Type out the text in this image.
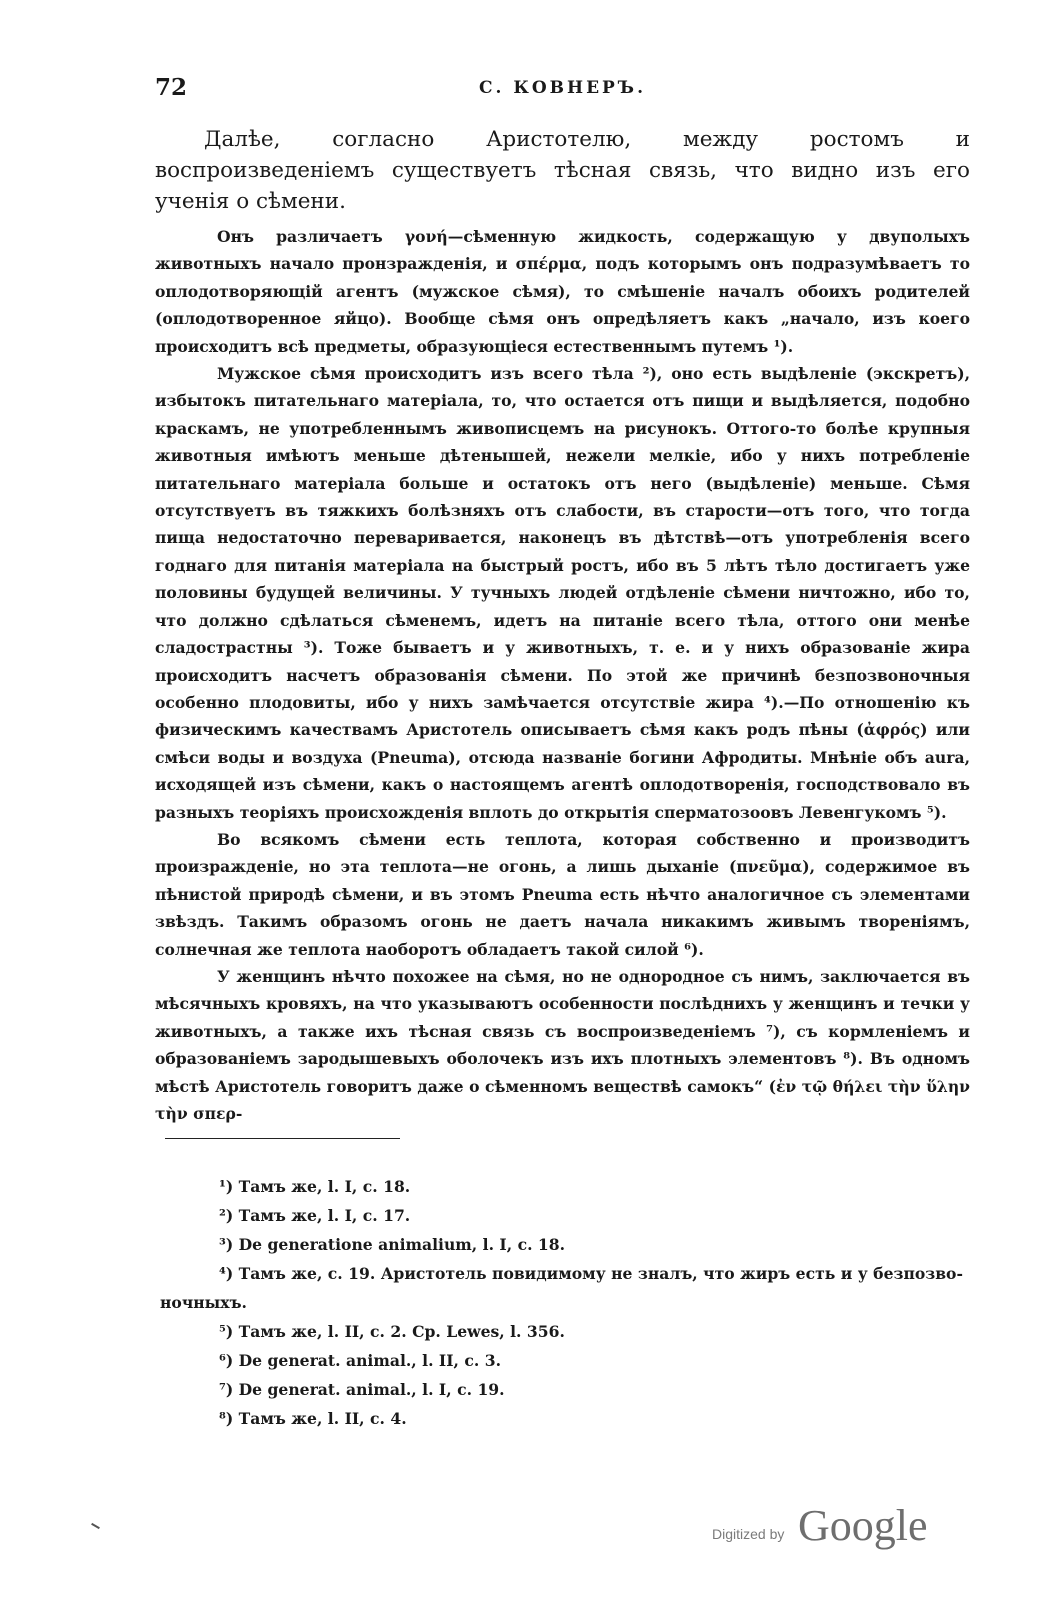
72	С. КОВНЕРЪ.

Далѣе, согласно Аристотелю, между ростомъ и воспроизведеніемъ существуетъ тѣсная связь, что видно изъ его ученія о сѣмени.

Онъ различаетъ γονή—сѣменную жидкость, содержащую у двуполыхъ животныхъ начало пронзражденія, и σπέρμα, подъ которымъ онъ подразумѣваетъ то оплодотворяющій агентъ (мужское сѣмя), то смѣшеніе началъ обоихъ родителей (оплодотворенное яйцо). Вообще сѣмя онъ опредѣляетъ какъ „начало, изъ коего происходитъ всѣ предметы, образующіеся естественнымъ путемъ ¹).

Мужское сѣмя происходитъ изъ всего тѣла ²), оно есть выдѣленіе (экскретъ), избытокъ питательнаго матеріала, то, что остается отъ пищи и выдѣляется, подобно краскамъ, не употребленнымъ живописцемъ на рисунокъ. Оттого-то болѣе крупныя животныя имѣютъ меньше дѣтенышей, нежели мелкіе, ибо у нихъ потребленіе питательнаго матеріала больше и остатокъ отъ него (выдѣленіе) меньше. Сѣмя отсутствуетъ въ тяжкихъ болѣзняхъ отъ слабости, въ старости—отъ того, что тогда пища недостаточно переваривается, наконецъ въ дѣтствѣ—отъ употребленія всего годнаго для питанія матеріала на быстрый ростъ, ибо въ 5 лѣтъ тѣло достигаетъ уже половины будущей величины. У тучныхъ людей отдѣленіе сѣмени ничтожно, ибо то, что должно сдѣлаться сѣменемъ, идетъ на питаніе всего тѣла, оттого они менѣе сладострастны ³). Тоже бываетъ и у животныхъ, т. е. и у нихъ образованіе жира происходитъ насчетъ образованія сѣмени. По этой же причинѣ безпозвоночныя особенно плодовиты, ибо у нихъ замѣчается отсутствіе жира ⁴).—По отношенію къ физическимъ качествамъ Аристотель описываетъ сѣмя какъ родъ пѣны (ἀφρός) или смѣси воды и воздуха (Pneuma), отсюда названіе богини Афродиты. Мнѣніе объ aura, исходящей изъ сѣмени, какъ о настоящемъ агентѣ оплодотворенія, господствовало въ разныхъ теоріяхъ происхожденія вплоть до открытія сперматозоовъ Левенгукомъ ⁵).

Во всякомъ сѣмени есть теплота, которая собственно и производитъ произражденіе, но эта теплота—не огонь, а лишь дыханіе (πνεῦμα), содержимое въ пѣнистой природѣ сѣмени, и въ этомъ Pneuma есть нѣчто аналогичное съ элементами звѣздъ. Такимъ образомъ огонь не даетъ начала никакимъ живымъ твореніямъ, солнечная же теплота наоборотъ обладаетъ такой силой ⁶).

У женщинъ нѣчто похожее на сѣмя, но не однородное съ нимъ, заключается въ мѣсячныхъ кровяхъ, на что указываютъ особенности послѣднихъ у женщинъ и течки у животныхъ, а также ихъ тѣсная связь съ воспроизведеніемъ ⁷), съ кормленіемъ и образованіемъ зародышевыхъ оболочекъ изъ ихъ плотныхъ элементовъ ⁸). Въ одномъ мѣстѣ Аристотель говоритъ даже о сѣменномъ веществѣ самокъ“ (ἐν τῷ θήλει τὴν ὕλην τὴν σπερ-

¹) Тамъ же, l. I, c. 18.

²) Тамъ же, l. I, c. 17.

³) De generatione animalium, l. I, c. 18.

⁴) Тамъ же, c. 19. Аристотель повидимому не зналъ, что жиръ есть и у безпозво-

ночныхъ.

⁵) Тамъ же, l. II, c. 2. Cp. Lewes, l. 356.

⁶) De generat. animal., l. II, c. 3.

⁷) De generat. animal., l. I, c. 19.

⁸) Тамъ же, l. II, c. 4.

Digitized by Google
